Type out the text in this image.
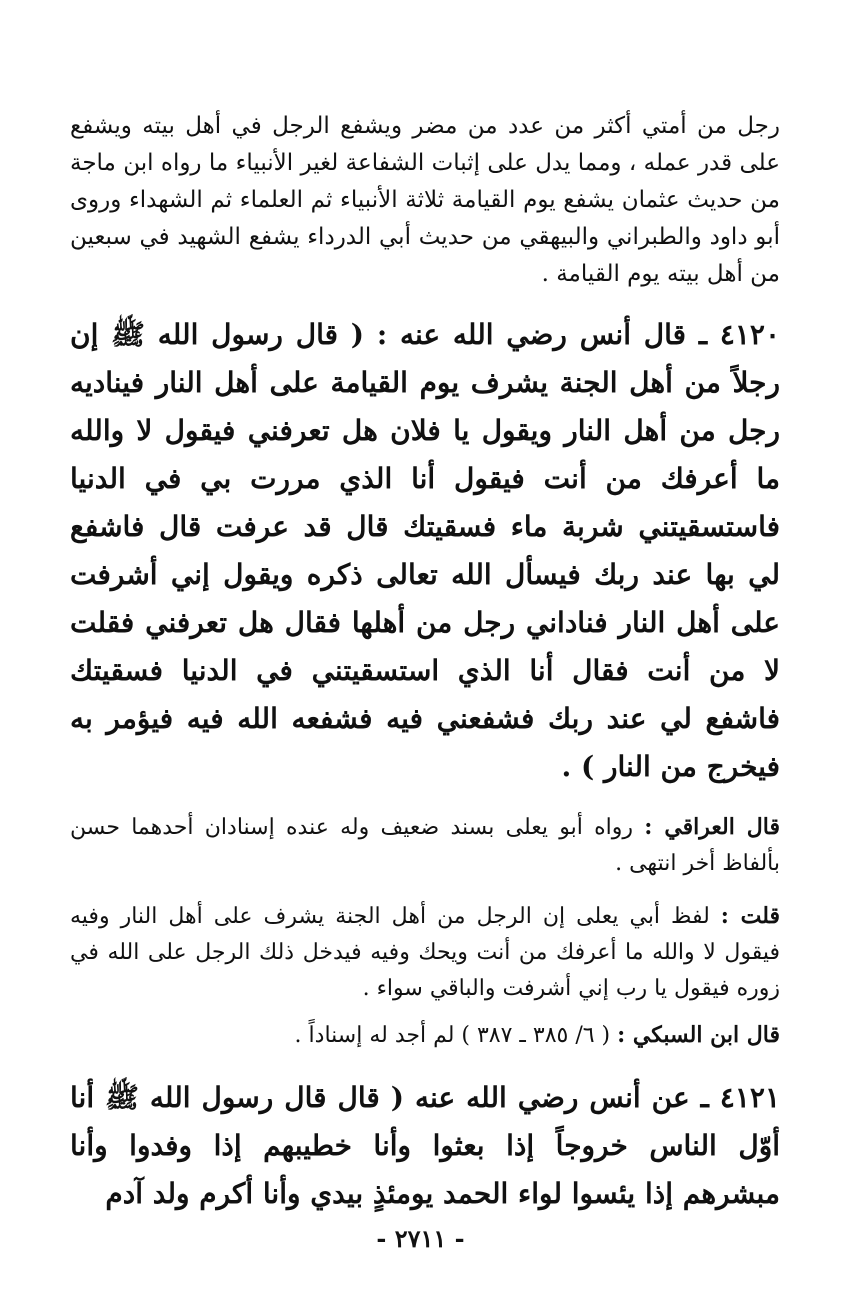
رجل من أمتي أكثر من عدد من مضر ويشفع الرجل في أهل بيته ويشفع على قدر عمله ، ومما يدل على إثبات الشفاعة لغير الأنبياء ما رواه ابن ماجة من حديث عثمان يشفع يوم القيامة ثلاثة الأنبياء ثم العلماء ثم الشهداء وروى أبو داود والطبراني والبيهقي من حديث أبي الدرداء يشفع الشهيد في سبعين من أهل بيته يوم القيامة .

٤١٢٠ ـ قال أنس رضي الله عنه : ( قال رسول الله ﷺ إن رجلاً من أهل الجنة يشرف يوم القيامة على أهل النار فيناديه رجل من أهل النار ويقول يا فلان هل تعرفني فيقول لا والله ما أعرفك من أنت فيقول أنا الذي مررت بي في الدنيا فاستسقيتني شربة ماء فسقيتك قال قد عرفت قال فاشفع لي بها عند ربك فيسأل الله تعالى ذكره ويقول إني أشرفت على أهل النار فناداني رجل من أهلها فقال هل تعرفني فقلت لا من أنت فقال أنا الذي استسقيتني في الدنيا فسقيتك فاشفع لي عند ربك فشفعني فيه فشفعه الله فيه فيؤمر به فيخرج من النار ) .

قال العراقي : رواه أبو يعلى بسند ضعيف وله عنده إسنادان أحدهما حسن بألفاظ أخر انتهى .

قلت : لفظ أبي يعلى إن الرجل من أهل الجنة يشرف على أهل النار وفيه فيقول لا والله ما أعرفك من أنت ويحك وفيه فيدخل ذلك الرجل على الله في زوره فيقول يا رب إني أشرفت والباقي سواء .

قال ابن السبكي : ( ٦/ ٣٨٥ ـ ٣٨٧ ) لم أجد له إسناداً .

٤١٢١ ـ عن أنس رضي الله عنه ( قال قال رسول الله ﷺ أنا أوّل الناس خروجاً إذا بعثوا وأنا خطيبهم إذا وفدوا وأنا مبشرهم إذا يئسوا لواء الحمد يومئذٍ بيدي وأنا أكرم ولد آدم

- ٢٧١١ -
